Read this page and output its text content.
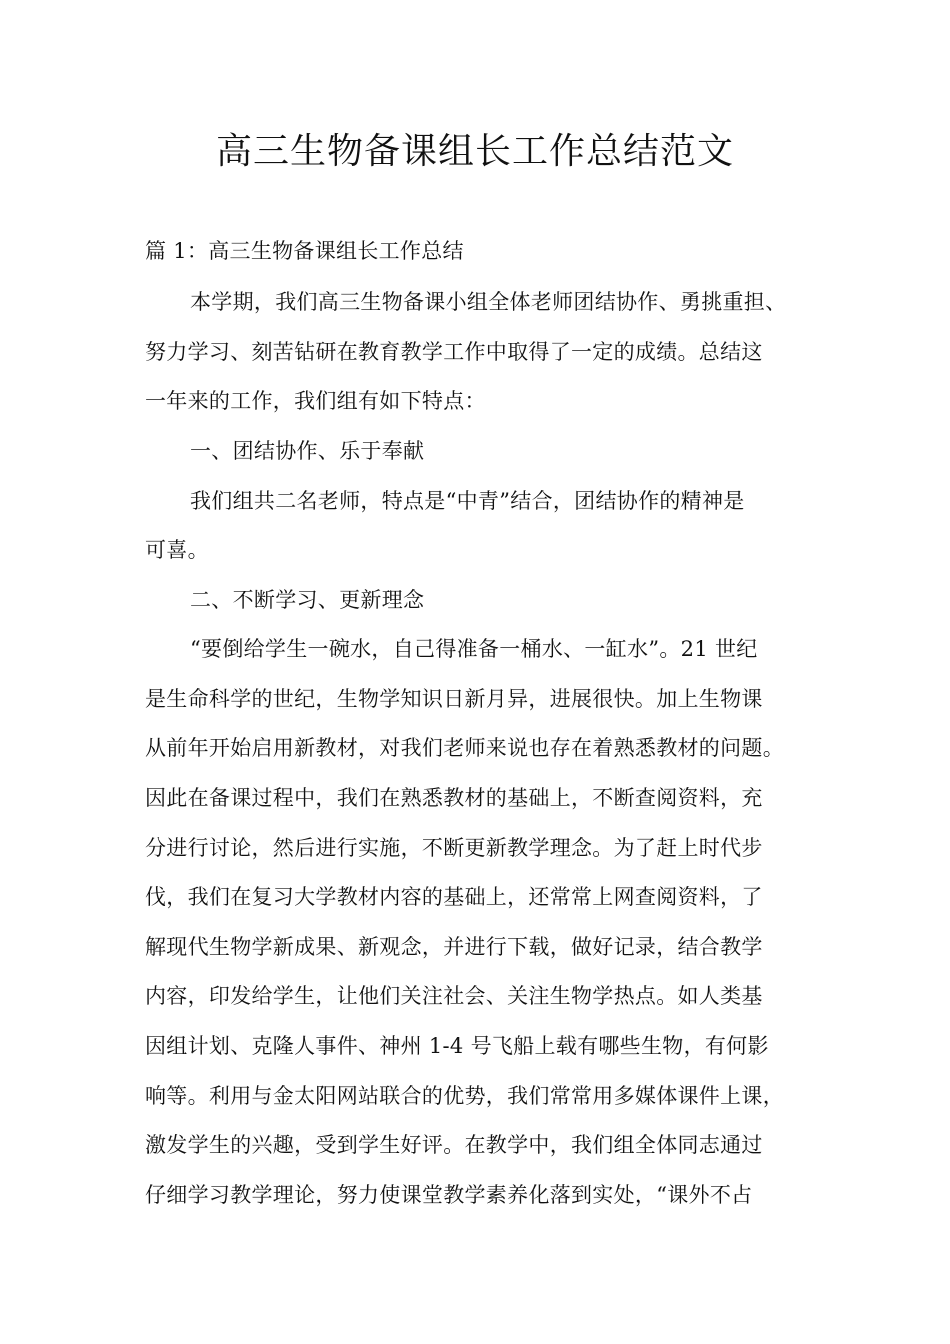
高三生物备课组长工作总结范文
篇 1：高三生物备课组长工作总结
本学期，我们高三生物备课小组全体老师团结协作、勇挑重担、
努力学习、刻苦钻研在教育教学工作中取得了一定的成绩。总结这
一年来的工作，我们组有如下特点：
一、团结协作、乐于奉献
我们组共二名老师，特点是“中青”结合，团结协作的精神是
可喜。
二、不断学习、更新理念
“要倒给学生一碗水，自己得准备一桶水、一缸水”。21 世纪
是生命科学的世纪，生物学知识日新月异，进展很快。加上生物课
从前年开始启用新教材，对我们老师来说也存在着熟悉教材的问题。
因此在备课过程中，我们在熟悉教材的基础上，不断查阅资料，充
分进行讨论，然后进行实施，不断更新教学理念。为了赶上时代步
伐，我们在复习大学教材内容的基础上，还常常上网查阅资料，了
解现代生物学新成果、新观念，并进行下载，做好记录，结合教学
内容，印发给学生，让他们关注社会、关注生物学热点。如人类基
因组计划、克隆人事件、神州 1-4 号飞船上载有哪些生物，有何影
响等。利用与金太阳网站联合的优势，我们常常用多媒体课件上课，
激发学生的兴趣，受到学生好评。在教学中，我们组全体同志通过
仔细学习教学理论，努力使课堂教学素养化落到实处，“课外不占
